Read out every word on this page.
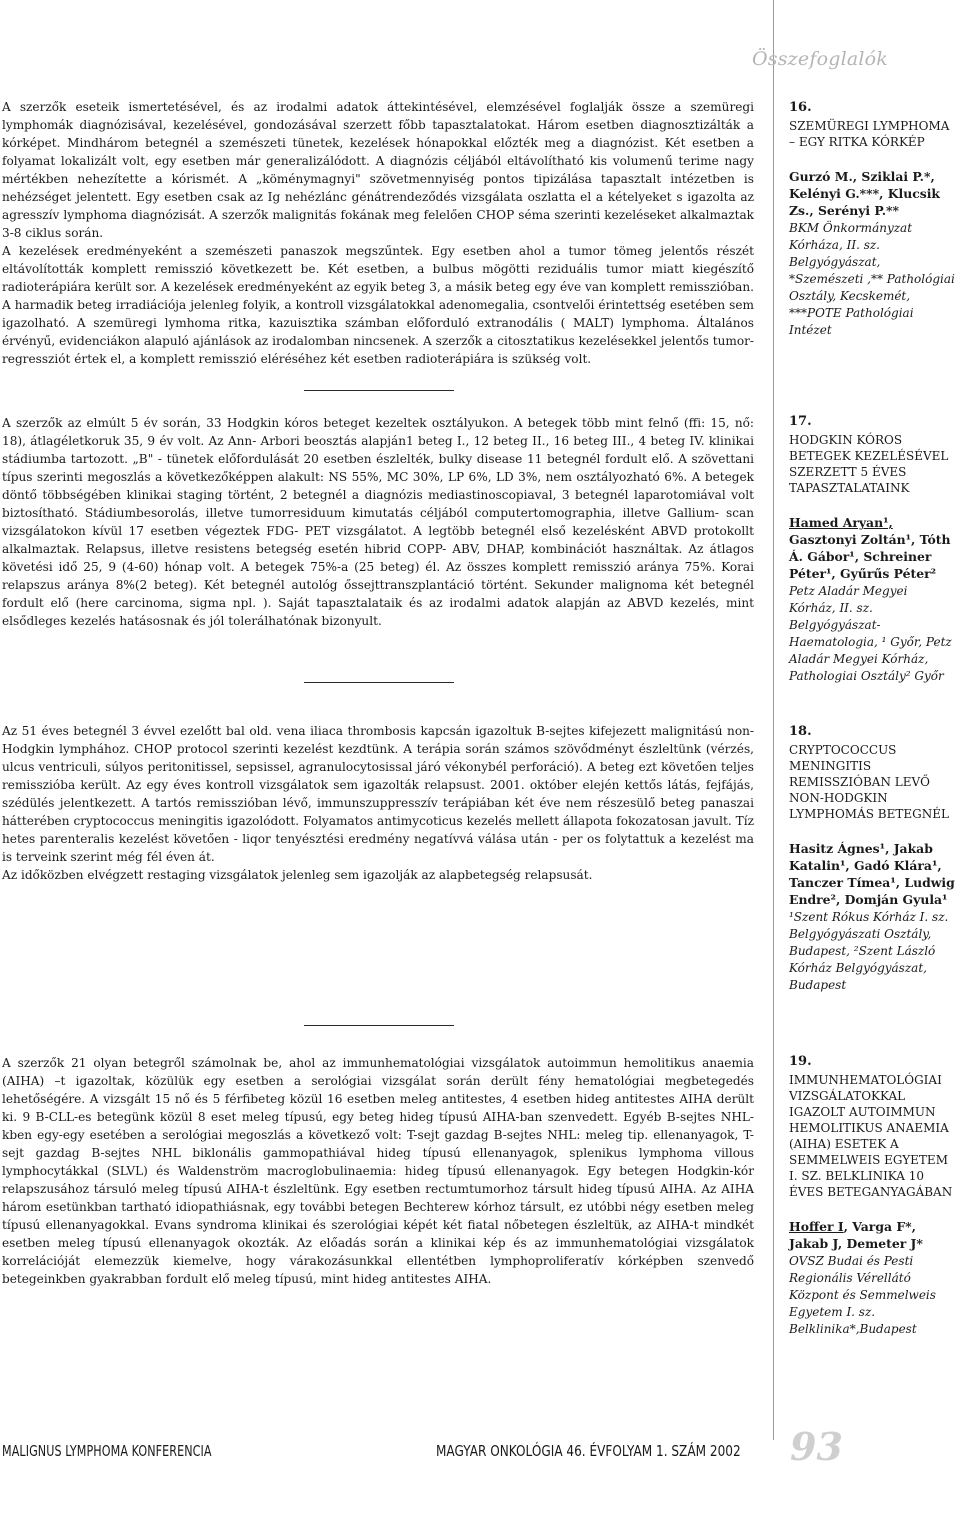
Összefoglalók

A szerzők eseteik ismertetésével, és az irodalmi adatok áttekintésével, elemzésével foglalják össze a szemüregi lymphomák diagnózisával, kezelésével, gondozásával szerzett főbb tapasztalatokat. Három esetben diagnosztizálták a kórképet. Mindhárom betegnél a szemészeti tünetek, kezelések hónapokkal előzték meg a diagnózist. Két esetben a folyamat lokalizált volt, egy esetben már generalizálódott. A diagnózis céljából eltávolítható kis volumenű terime nagy mértékben nehezítette a kórismét. A „köménymagnyi" szövetmennyiség pontos tipizálása tapasztalt intézetben is nehézséget jelentett. Egy esetben csak az Ig nehézlánc génátrendeződés vizsgálata oszlatta el a kételyeket s igazolta az agresszív lymphoma diagnózisát. A szerzők malignitás fokának meg felelően CHOP séma szerinti kezeléseket alkalmaztak 3-8 ciklus során.

A kezelések eredményeként a szemészeti panaszok megszűntek. Egy esetben ahol a tumor tömeg jelentős részét eltávolították komplett remisszió következett be. Két esetben, a bulbus mögötti reziduális tumor miatt kiegészítő radioterápiára került sor. A kezelések eredményeként az egyik beteg 3, a másik beteg egy éve van komplett remisszióban. A harmadik beteg irradiációja jelenleg folyik, a kontroll vizsgálatokkal adenomegalia, csontvelői érintettség esetében sem igazolható. A szemüregi lymhoma ritka, kazuisztika számban előforduló extranodális ( MALT) lymphoma. Általános érvényű, evidenciákon alapuló ajánlások az irodalomban nincsenek. A szerzők a citosztatikus kezelésekkel jelentős tumor-regressziót értek el, a komplett remisszió eléréséhez két esetben radioterápiára is szükség volt.

A szerzők az elmúlt 5 év során, 33 Hodgkin kóros beteget kezeltek osztályukon. A betegek több mint felnő (ffi: 15, nő: 18), átlagéletkoruk 35, 9 év volt. Az Ann- Arbori beosztás alapján1 beteg I., 12 beteg II., 16 beteg III., 4 beteg IV. klinikai stádiumba tartozott. „B" - tünetek előfordulását 20 esetben észlelték, bulky disease 11 betegnél fordult elő. A szövettani típus szerinti megoszlás a következőképpen alakult: NS 55%, MC 30%, LP 6%, LD 3%, nem osztályozható 6%. A betegek döntő többségében klinikai staging történt, 2 betegnél a diagnózis mediastinoscopiaval, 3 betegnél laparotomiával volt biztosítható. Stádiumbesorolás, illetve tumorresiduum kimutatás céljából computertomographia, illetve Gallium- scan vizsgálatokon kívül 17 esetben végeztek FDG- PET vizsgálatot. A legtöbb betegnél első kezelésként ABVD protokollt alkalmaztak. Relapsus, illetve resistens betegség esetén hibrid COPP- ABV, DHAP, kombinációt használtak. Az átlagos követési idő 25, 9 (4-60) hónap volt. A betegek 75%-a (25 beteg) él. Az összes komplett remisszió aránya 75%. Korai relapszus aránya 8%(2 beteg). Két betegnél autológ őssejttranszplantáció történt. Sekunder malignoma két betegnél fordult elő (here carcinoma, sigma npl. ). Saját tapasztalataik és az irodalmi adatok alapján az ABVD kezelés, mint elsődleges kezelés hatásosnak és jól tolerálhatónak bizonyult.

Az 51 éves betegnél 3 évvel ezelőtt bal old. vena iliaca thrombosis kapcsán igazoltuk B-sejtes kifejezett malignitású non-Hodgkin lymphához. CHOP protocol szerinti kezelést kezdtünk. A terápia során számos szövődményt észleltünk (vérzés, ulcus ventriculi, súlyos peritonitissel, sepsissel, agranulocytosissal járó vékonybél perforáció). A beteg ezt követően teljes remisszióba került. Az egy éves kontroll vizsgálatok sem igazolták relapsust. 2001. október elején kettős látás, fejfájás, szédülés jelentkezett. A tartós remisszióban lévő, immunszuppresszív terápiában két éve nem részesülő beteg panaszai hátterében cryptococcus meningitis igazolódott. Folyamatos antimycoticus kezelés mellett állapota fokozatosan javult. Tíz hetes parenteralis kezelést követően - liqor tenyésztési eredmény negatívvá válása után - per os folytattuk a kezelést ma is terveink szerint még fél éven át.

Az időközben elvégzett restaging vizsgálatok jelenleg sem igazolják az alapbetegség relapsusát.

A szerzők 21 olyan betegről számolnak be, ahol az immunhematológiai vizsgálatok autoimmun hemolitikus anaemia (AIHA) –t igazoltak, közülük egy esetben a serológiai vizsgálat során derült fény hematológiai megbetegedés lehetőségére. A vizsgált 15 nő és 5 férfibeteg közül 16 esetben meleg antitestes, 4 esetben hideg antitestes AIHA derült ki. 9 B-CLL-es betegünk közül 8 eset meleg típusú, egy beteg hideg típusú AIHA-ban szenvedett. Egyéb B-sejtes NHL-kben egy-egy esetében a serológiai megoszlás a következő volt: T-sejt gazdag B-sejtes NHL: meleg tip. ellenanyagok, T-sejt gazdag B-sejtes NHL biklonális gammopathiával hideg típusú ellenanyagok, splenikus lymphoma villous lymphocytákkal (SLVL) és Waldenström macroglobulinaemia: hideg típusú ellenanyagok. Egy betegen Hodgkin-kór relapszusához társuló meleg típusú AIHA-t észleltünk. Egy esetben rectumtumorhoz társult hideg típusú AIHA. Az AIHA három esetünkban tartható idiopathiásnak, egy további betegen Bechterew kórhoz társult, ez utóbbi négy esetben meleg típusú ellenanyagokkal. Evans syndroma klinikai és szerológiai képét két fiatal nőbetegen észleltük, az AIHA-t mindkét esetben meleg típusú ellenanyagok okozták. Az előadás során a klinikai kép és az immunhematológiai vizsgálatok korrelációját elemezzük kiemelve, hogy várakozásunkkal ellentétben lymphoproliferatív kórképben szenvedő betegeinkben gyakrabban fordult elő meleg típusú, mint hideg antitestes AIHA.

16.
SZEMÜREGI LYMPHOMA – EGY RITKA KÓRKÉP
Gurzó M., Sziklai P.*, Kelényi G.***, Klucsik Zs., Serényi P.**
BKM Önkormányzat Kórháza, II. sz. Belgyógyászat, *Szemészeti ,** Pathológiai Osztály, Kecskemét, ***POTE Pathológiai Intézet
17.
HODGKIN KÓROS BETEGEK KEZELÉSÉVEL SZERZETT 5 ÉVES TAPASZTALATAINK
Hamed Aryan¹, Gasztonyi Zoltán¹, Tóth Á. Gábor¹, Schreiner Péter¹, Gyűrűs Péter²
Petz Aladár Megyei Kórház, II. sz. Belgyógyászat-Haematologia, ¹ Győr, Petz Aladár Megyei Kórház, Pathologiai Osztály² Győr
18.
CRYPTOCOCCUS MENINGITIS REMISSZIÓBAN LEVŐ NON-HODGKIN LYMPHOMÁS BETEGNÉL
Hasitz Ágnes¹, Jakab Katalin¹, Gadó Klára¹, Tanczer Tímea¹, Ludwig Endre², Domján Gyula¹
¹Szent Rókus Kórház I. sz. Belgyógyászati Osztály, Budapest, ²Szent László Kórház Belgyógyászat, Budapest
19.
IMMUNHEMATOLÓGIAI VIZSGÁLATOKKAL IGAZOLT AUTOIMMUN HEMOLITIKUS ANAEMIA (AIHA) ESETEK A SEMMELWEIS EGYETEM I. SZ. BELKLINIKA 10 ÉVES BETEGANYAGÁBAN
Hoffer I, Varga F*, Jakab J, Demeter J*
OVSZ Budai és Pesti Regionális Vérellátó Központ és Semmelweis Egyetem I. sz. Belklinika*,Budapest
MALIGNUS LYMPHOMA KONFERENCIA	MAGYAR ONKOLÓGIA 46. ÉVFOLYAM 1. SZÁM 2002 93
